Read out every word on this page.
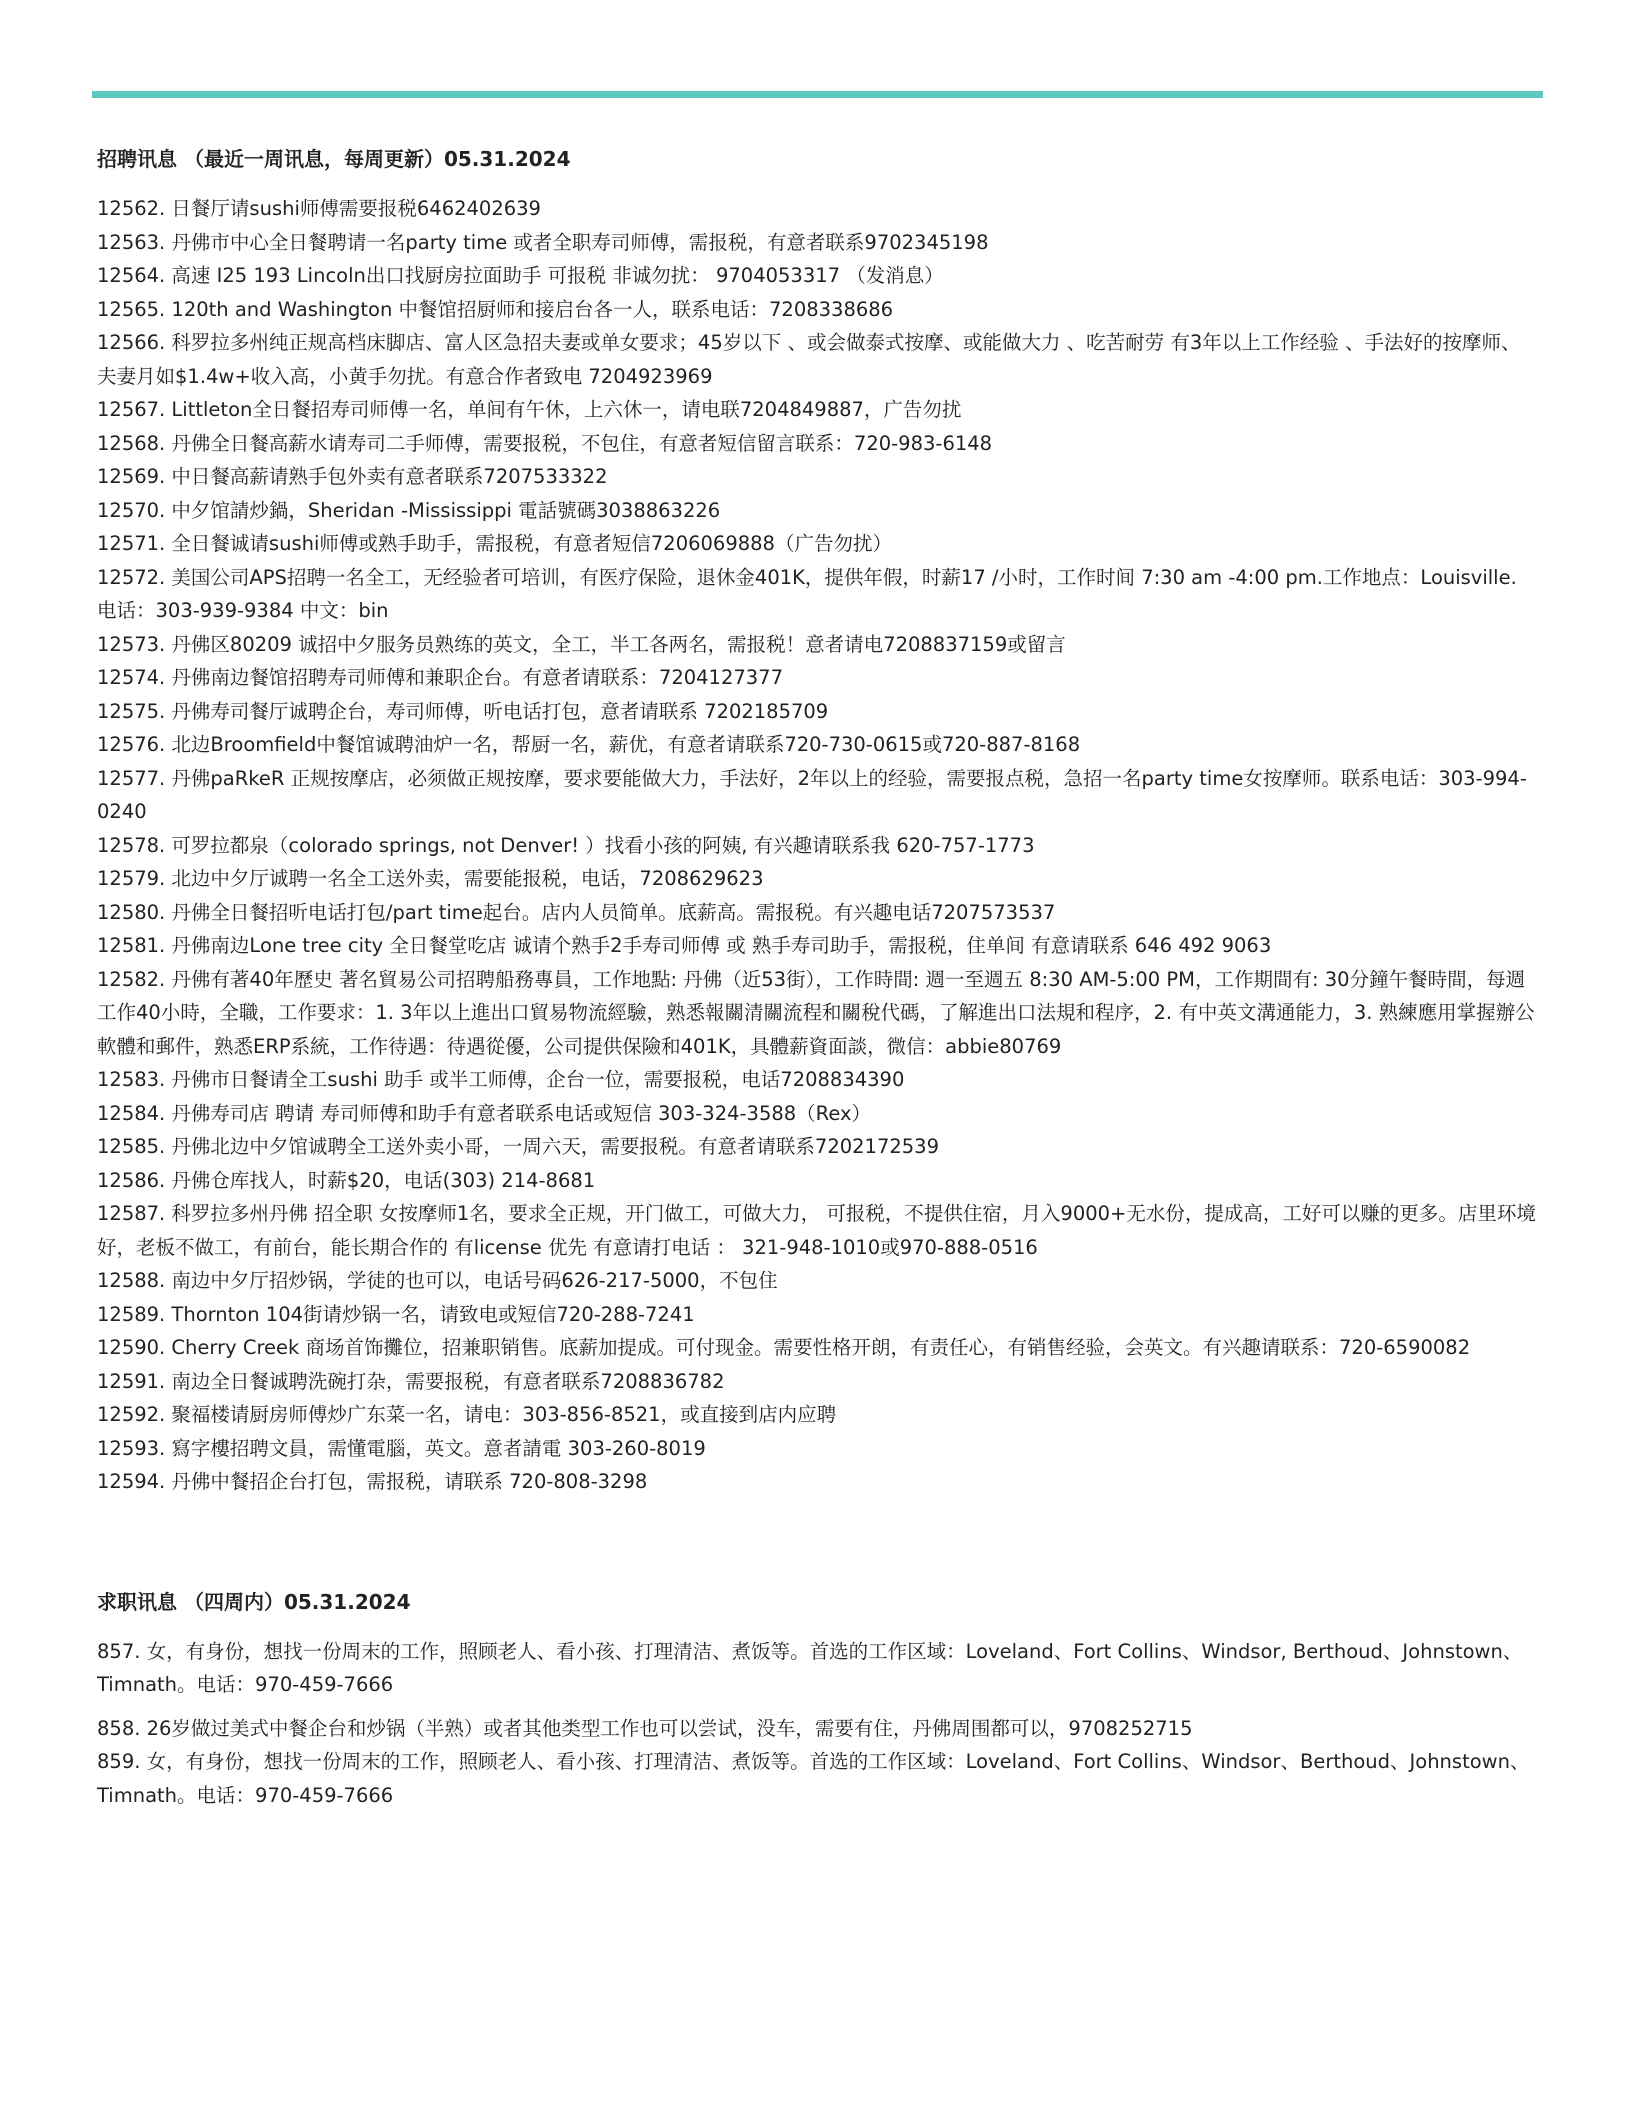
招聘讯息 （最近一周讯息，每周更新）05.31.2024

12562. 日餐厅请sushi师傅需要报税6462402639

12563. 丹佛市中心全日餐聘请一名party time 或者全职寿司师傅，需报税，有意者联系9702345198

12564. 高速 I25 193 Lincoln出口找厨房拉面助手 可报税 非诚勿扰： 9704053317 （发消息）

12565. 120th and Washington 中餐馆招厨师和接启台各一人，联系电话：7208338686

12566. 科罗拉多州纯正规高档床脚店、富人区急招夫妻或单女要求；45岁以下 、或会做泰式按摩、或能做大力 、吃苦耐劳 有3年以上工作经验 、手法好的按摩师、夫妻月如$1.4w+收入高，小黄手勿扰。有意合作者致电 7204923969

12567. Littleton全日餐招寿司师傅一名，单间有午休，上六休一，请电联7204849887，广告勿扰

12568. 丹佛全日餐高薪水请寿司二手师傅，需要报税，不包住，有意者短信留言联系：720-983-6148

12569. 中日餐高薪请熟手包外卖有意者联系7207533322

12570. 中夕馆請炒鍋，Sheridan -Mississippi 電話號碼3038863226

12571. 全日餐诚请sushi师傅或熟手助手，需报税，有意者短信7206069888（广告勿扰）

12572. 美国公司APS招聘一名全工，无经验者可培训，有医疗保险，退休金401K，提供年假，时薪17 /小时，工作时间 7:30 am -4:00 pm.工作地点：Louisville. 电话：303-939-9384 中文：bin

12573. 丹佛区80209 诚招中夕服务员熟练的英文，全工，半工各两名，需报税！意者请电7208837159或留言

12574. 丹佛南边餐馆招聘寿司师傅和兼职企台。有意者请联系：7204127377

12575. 丹佛寿司餐厅诚聘企台，寿司师傅，听电话打包，意者请联系 7202185709

12576. 北边Broomfield中餐馆诚聘油炉一名，帮厨一名，薪优，有意者请联系720-730-0615或720-887-8168

12577. 丹佛paRkeR 正规按摩店，必须做正规按摩，要求要能做大力，手法好，2年以上的经验，需要报点税，急招一名party time女按摩师。联系电话：303-994-0240

12578. 可罗拉都泉（colorado springs, not Denver! ）找看小孩的阿姨, 有兴趣请联系我 620-757-1773

12579. 北边中夕厅诚聘一名全工送外卖，需要能报税，电话，7208629623

12580. 丹佛全日餐招听电话打包/part time起台。店内人员简单。底薪高。需报税。有兴趣电话7207573537

12581. 丹佛南边Lone tree city 全日餐堂吃店 诚请个熟手2手寿司师傅 或 熟手寿司助手，需报税，住单间 有意请联系 646 492 9063

12582. 丹佛有著40年歷史 著名貿易公司招聘船務專員，工作地點: 丹佛（近53街），工作時間: 週一至週五 8:30 AM-5:00 PM，工作期間有: 30分鐘午餐時間，每週工作40小時，全職，工作要求：1. 3年以上進出口貿易物流經驗，熟悉報關清關流程和關稅代碼，了解進出口法規和程序，2. 有中英文溝通能力，3. 熟練應用掌握辦公軟體和郵件，熟悉ERP系統，工作待遇：待遇從優，公司提供保險和401K，具體薪資面談，微信：abbie80769

12583. 丹佛市日餐请全工sushi 助手 或半工师傅，企台一位，需要报税，电话7208834390

12584. 丹佛寿司店 聘请 寿司师傅和助手有意者联系电话或短信 303-324-3588（Rex）

12585. 丹佛北边中夕馆诚聘全工送外卖小哥，一周六天，需要报税。有意者请联系7202172539

12586. 丹佛仓库找人，时薪$20，电话(303) 214-8681

12587. 科罗拉多州丹佛 招全职 女按摩师1名，要求全正规，开门做工，可做大力， 可报税，不提供住宿，月入9000+无水份，提成高，工好可以赚的更多。店里环境好，老板不做工，有前台，能长期合作的 有license 优先 有意请打电话 ： 321-948-1010或970-888-0516

12588. 南边中夕厅招炒锅，学徒的也可以，电话号码626-217-5000，不包住

12589. Thornton 104街请炒锅一名，请致电或短信720-288-7241

12590. Cherry Creek 商场首饰攤位，招兼职销售。底薪加提成。可付现金。需要性格开朗，有责任心，有销售经验，会英文。有兴趣请联系：720-6590082

12591. 南边全日餐诚聘洗碗打杂，需要报税，有意者联系7208836782

12592. 聚福楼请厨房师傅炒广东菜一名，请电：303-856-8521，或直接到店内应聘

12593. 寫字樓招聘文員，需懂電腦，英文。意者請電 303-260-8019

12594. 丹佛中餐招企台打包，需报税，请联系 720-808-3298

求职讯息 （四周内）05.31.2024

857. 女，有身份，想找一份周末的工作，照顾老人、看小孩、打理清洁、煮饭等。首选的工作区域：Loveland、Fort Collins、Windsor, Berthoud、Johnstown、Timnath。电话：970-459-7666

858. 26岁做过美式中餐企台和炒锅（半熟）或者其他类型工作也可以尝试，没车，需要有住，丹佛周围都可以，9708252715

859. 女，有身份，想找一份周末的工作，照顾老人、看小孩、打理清洁、煮饭等。首选的工作区域：Loveland、Fort Collins、Windsor、Berthoud、Johnstown、Timnath。电话：970-459-7666
